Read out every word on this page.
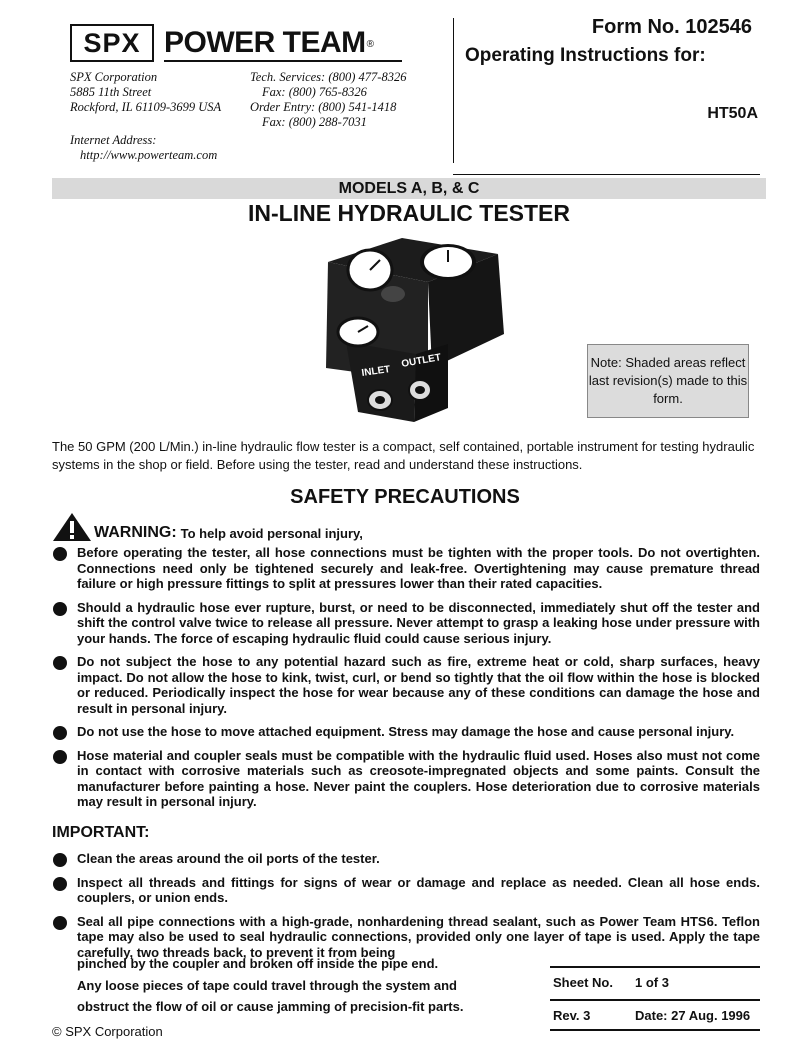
SPX POWER TEAM®
SPX Corporation
5885 11th Street
Rockford, IL 61109-3699 USA
Tech. Services: (800) 477-8326
Fax: (800) 765-8326
Order Entry: (800) 541-1418
Fax: (800) 288-7031
Internet Address:
http://www.powerteam.com
Form No. 102546
Operating Instructions for:
HT50A
MODELS A, B, & C
IN-LINE HYDRAULIC TESTER
INLET
OUTLET	Note: Shaded areas reflect last revision(s) made to this form.
The 50 GPM (200 L/Min.) in-line hydraulic flow tester is a compact, self contained, portable instrument for testing hydraulic systems in the shop or field. Before using the tester, read and understand these instructions.
SAFETY PRECAUTIONS
WARNING: To help avoid personal injury,
Before operating the tester, all hose connections must be tighten with the proper tools. Do not overtighten. Connections need only be tightened securely and leak-free. Overtightening may cause premature thread failure or high pressure fittings to split at pressures lower than their rated capacities.
Should a hydraulic hose ever rupture, burst, or need to be disconnected, immediately shut off the tester and shift the control valve twice to release all pressure. Never attempt to grasp a leaking hose under pressure with your hands. The force of escaping hydraulic fluid could cause serious injury.
Do not subject the hose to any potential hazard such as fire, extreme heat or cold, sharp surfaces, heavy impact. Do not allow the hose to kink, twist, curl, or bend so tightly that the oil flow within the hose is blocked or reduced. Periodically inspect the hose for wear because any of these conditions can damage the hose and result in personal injury.
Do not use the hose to move attached equipment. Stress may damage the hose and cause personal injury.
Hose material and coupler seals must be compatible with the hydraulic fluid used. Hoses also must not come in contact with corrosive materials such as creosote-impregnated objects and some paints. Consult the manufacturer before painting a hose. Never paint the couplers. Hose deterioration due to corrosive materials may result in personal injury.
IMPORTANT:
Clean the areas around the oil ports of the tester.
Inspect all threads and fittings for signs of wear or damage and replace as needed. Clean all hose ends. couplers, or union ends.
Seal all pipe connections with a high-grade, nonhardening thread sealant, such as Power Team HTS6. Teflon tape may also be used to seal hydraulic connections, provided only one layer of tape is used. Apply the tape carefully, two threads back, to prevent it from being
pinched by the coupler and broken off inside the pipe end.
Any loose pieces of tape could travel through the system and
obstruct the flow of oil or cause jamming of precision-fit parts.
Sheet No.	1 of 3
Rev. 3	Date: 27 Aug. 1996
© SPX Corporation
